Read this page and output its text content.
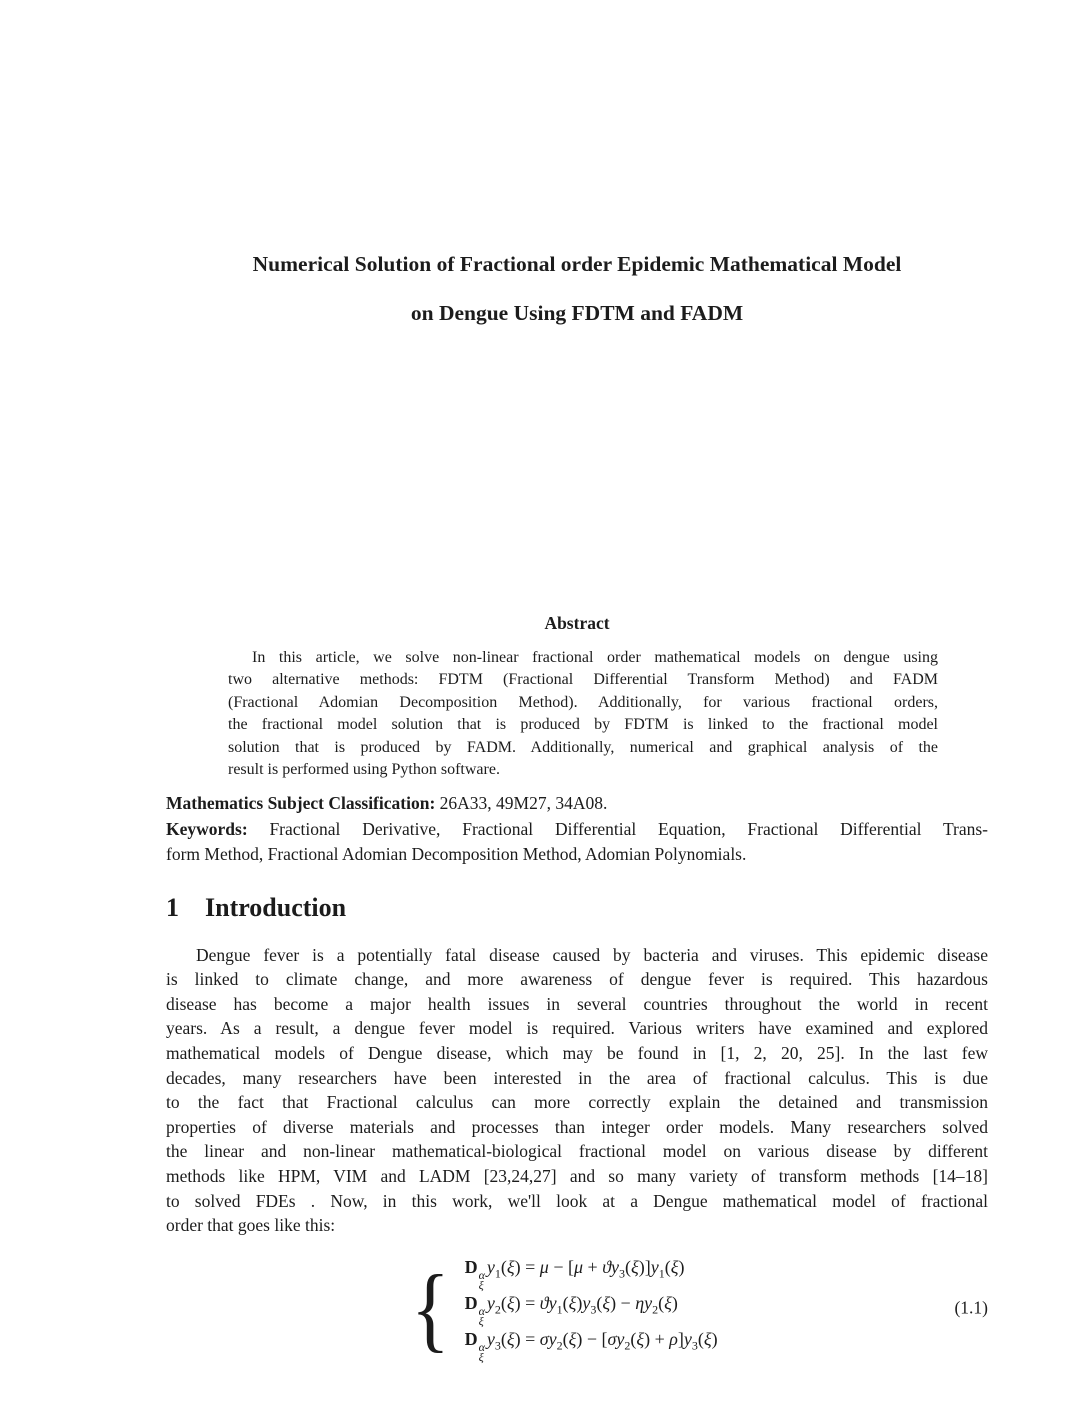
Numerical Solution of Fractional order Epidemic Mathematical Model
on Dengue Using FDTM and FADM
Abstract
In this article, we solve non-linear fractional order mathematical models on dengue using
two alternative methods: FDTM (Fractional Differential Transform Method) and FADM
(Fractional Adomian Decomposition Method). Additionally, for various fractional orders,
the fractional model solution that is produced by FDTM is linked to the fractional model
solution that is produced by FADM. Additionally, numerical and graphical analysis of the
result is performed using Python software.
Mathematics Subject Classification: 26A33, 49M27, 34A08.
Keywords: Fractional Derivative, Fractional Differential Equation, Fractional Differential Trans-
form Method, Fractional Adomian Decomposition Method, Adomian Polynomials.
1 Introduction
Dengue fever is a potentially fatal disease caused by bacteria and viruses. This epidemic disease
is linked to climate change, and more awareness of dengue fever is required. This hazardous
disease has become a major health issues in several countries throughout the world in recent
years. As a result, a dengue fever model is required. Various writers have examined and explored
mathematical models of Dengue disease, which may be found in [1, 2, 20, 25]. In the last few
decades, many researchers have been interested in the area of fractional calculus. This is due
to the fact that Fractional calculus can more correctly explain the detained and transmission
properties of diverse materials and processes than integer order models. Many researchers solved
the linear and non-linear mathematical-biological fractional model on various disease by different
methods like HPM, VIM and LADM [23,24,27] and so many variety of transform methods [14–18]
to solved FDEs . Now, in this work, we'll look at a Dengue mathematical model of fractional
order that goes like this:
{ D α
ξ
$y_1(\xi) = \mu - [\mu + ϑy_3(\xi)]y_1(\xi)$
D α
ξ
$y_2(\xi) = ϑy_1(\xi)y_3(\xi) - \eta y_2(\xi)$
D α
ξ
$y_3(\xi) = \sigma y_2(\xi) - [\sigma y_2(\xi) + \rho]y_3(\xi)$
(1.1)
